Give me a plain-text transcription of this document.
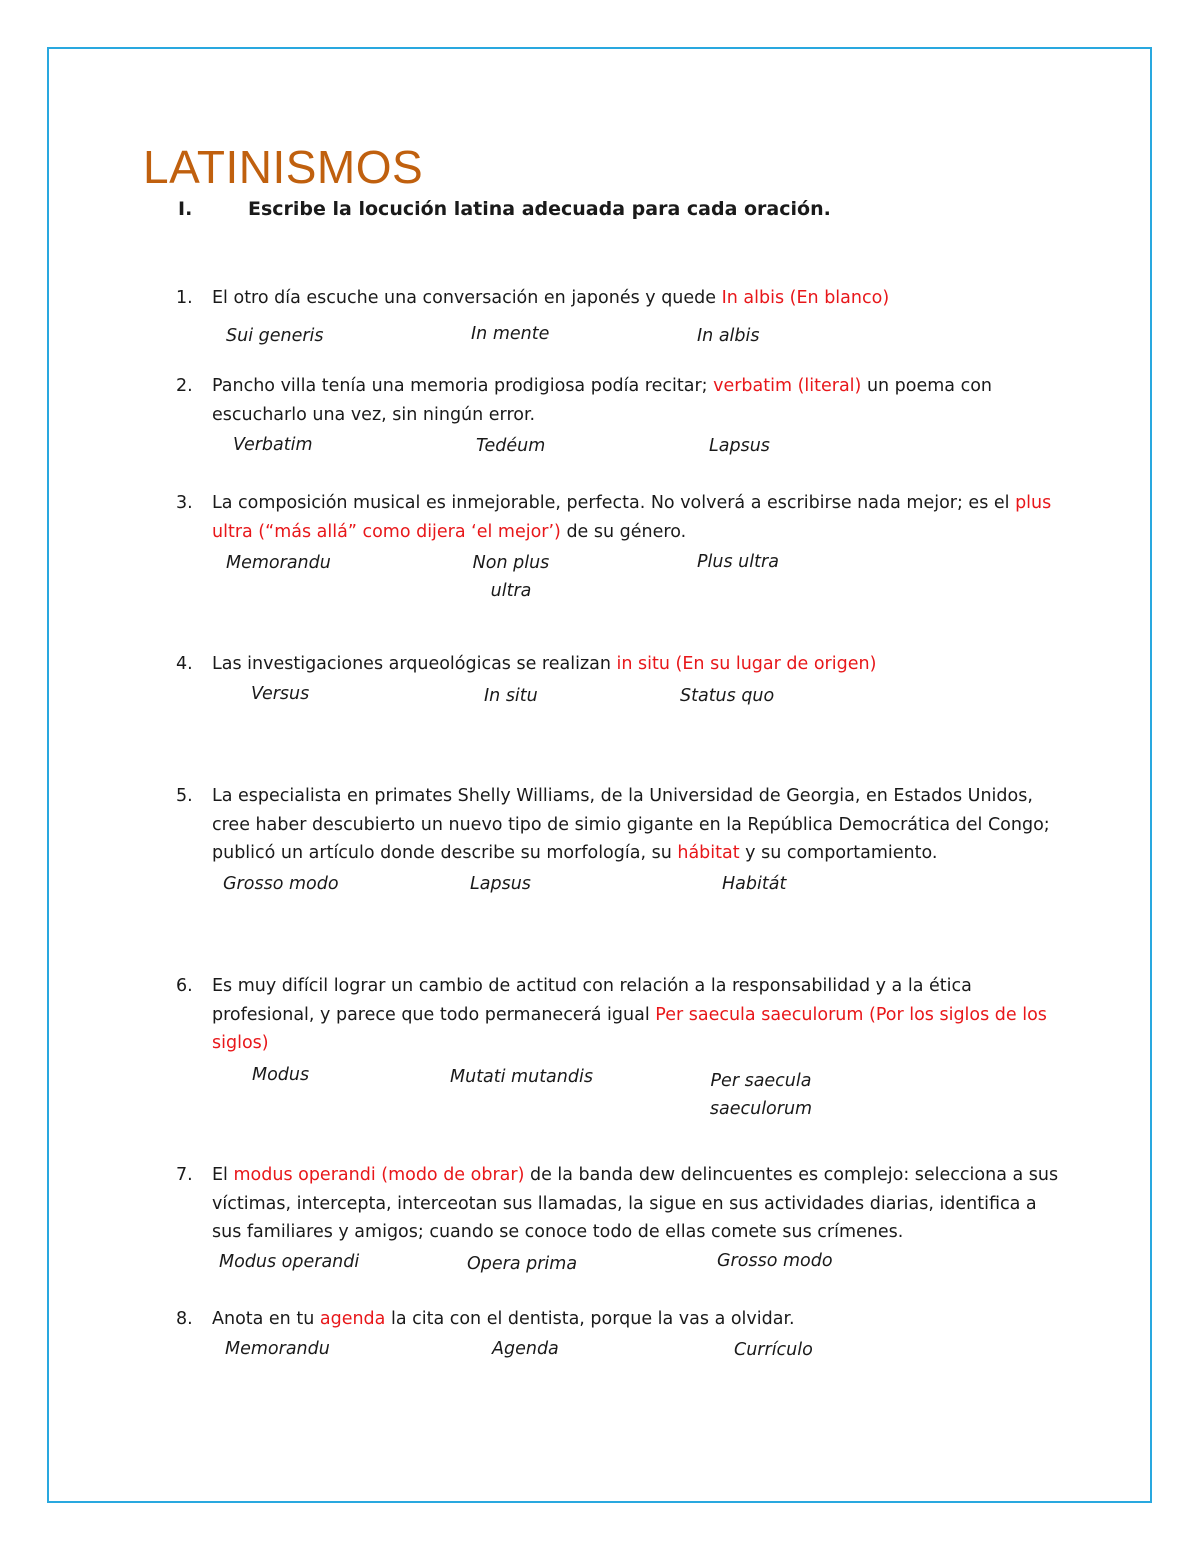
LATINISMOS
I.	Escribe la locución latina adecuada para cada oración.
1. El otro día escuche una conversación en japonés y quede In albis (En blanco)
Sui generis	In mente	In albis
2. Pancho villa tenía una memoria prodigiosa podía recitar; verbatim (literal) un poema con escucharlo una vez, sin ningún error.
Verbatim	Tedéum	Lapsus
3. La composición musical es inmejorable, perfecta. No volverá a escribirse nada mejor; es el plus ultra (“más allá” como dijera ‘el mejor’) de su género.
Memorandu	Non plus ultra
Plus ultra
4. Las investigaciones arqueológicas se realizan in situ (En su lugar de origen)
Versus	In situ	Status quo
5. La especialista en primates Shelly Williams, de la Universidad de Georgia, en Estados Unidos, cree haber descubierto un nuevo tipo de simio gigante en la República Democrática del Congo; publicó un artículo donde describe su morfología, su hábitat y su comportamiento.
Grosso modo	Lapsus	Habitát
6. Es muy difícil lograr un cambio de actitud con relación a la responsabilidad y a la ética profesional, y parece que todo permanecerá igual Per saecula saeculorum (Por los siglos de los siglos)
Modus	Mutati mutandis	Per saecula saeculorum
7. El modus operandi (modo de obrar) de la banda dew delincuentes es complejo: selecciona a sus víctimas, intercepta, interceotan sus llamadas, la sigue en sus actividades diarias, identifica a sus familiares y amigos; cuando se conoce todo de ellas comete sus crímenes.
Modus operandi	Opera prima	Grosso modo
8. Anota en tu agenda la cita con el dentista, porque la vas a olvidar.
Memorandu	Agenda	Currículo
